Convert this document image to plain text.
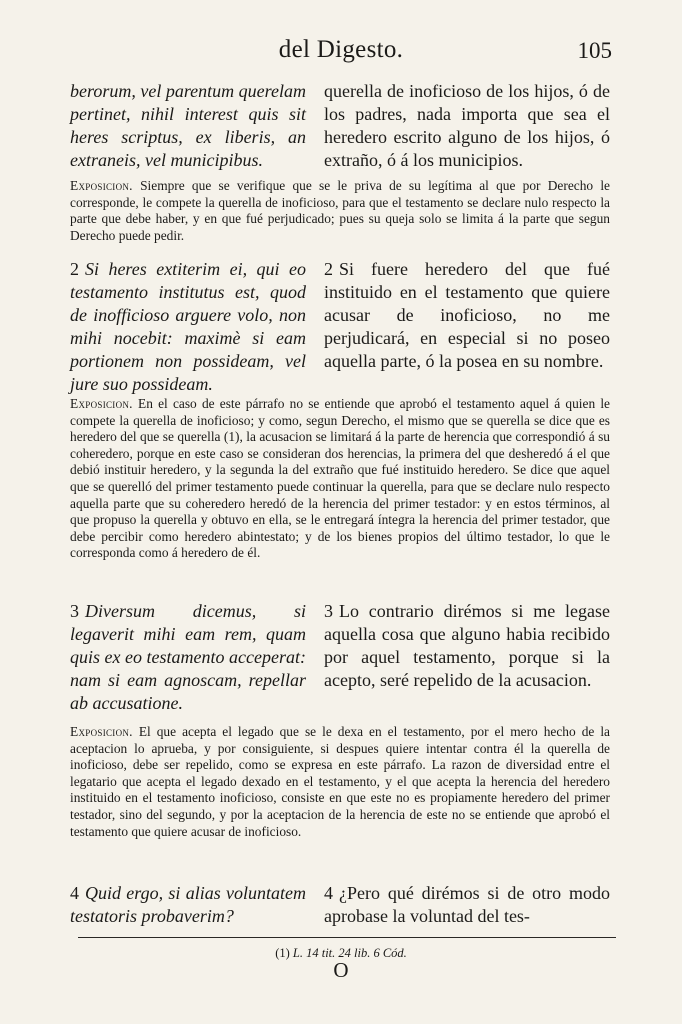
del Digesto.	105
berorum, vel parentum querelam pertinet, nihil interest quis sit heres scriptus, ex liberis, an extraneis, vel municipibus.
querella de inoficioso de los hijos, ó de los padres, nada importa que sea el heredero escrito alguno de los hijos, ó extraño, ó á los municipios.
Exposicion. Siempre que se verifique que se le priva de su legítima al que por Derecho le corresponde, le compete la querella de inoficioso, para que el testamento se declare nulo respecto la parte que debe haber, y en que fué perjudicado; pues su queja solo se limita á la parte que segun Derecho puede pedir.
2 Si heres extiterim ei, qui eo testamento institutus est, quod de inofficioso arguere volo, non mihi nocebit: maximè si eam portionem non possideam, vel jure suo possideam.
2 Si fuere heredero del que fué instituido en el testamento que quiere acusar de inoficioso, no me perjudicará, en especial si no poseo aquella parte, ó la posea en su nombre.
Exposicion. En el caso de este párrafo no se entiende que aprobó el testamento aquel á quien le compete la querella de inoficioso; y como, segun Derecho, el mismo que se querella se dice que es heredero del que se querella (1), la acusacion se limitará á la parte de herencia que correspondió á su coheredero, porque en este caso se consideran dos herencias, la primera del que desheredó á el que debió instituir heredero, y la segunda la del extraño que fué instituido heredero. Se dice que aquel que se querelló del primer testamento puede continuar la querella, para que se declare nulo respecto aquella parte que su coheredero heredó de la herencia del primer testador: y en estos términos, al que propuso la querella y obtuvo en ella, se le entregará íntegra la herencia del primer testador, que debe percibir como heredero abintestato; y de los bienes propios del último testador, lo que le corresponda como á heredero de él.
3 Diversum dicemus, si legaverit mihi eam rem, quam quis ex eo testamento acceperat: nam si eam agnoscam, repellar ab accusatione.
3 Lo contrario dirémos si me legase aquella cosa que alguno habia recibido por aquel testamento, porque si la acepto, seré repelido de la acusacion.
Exposicion. El que acepta el legado que se le dexa en el testamento, por el mero hecho de la aceptacion lo aprueba, y por consiguiente, si despues quiere intentar contra él la querella de inoficioso, debe ser repelido, como se expresa en este párrafo. La razon de diversidad entre el legatario que acepta el legado dexado en el testamento, y el que acepta la herencia del heredero instituido en el testamento inoficioso, consiste en que este no es propiamente heredero del primer testador, sino del segundo, y por la aceptacion de la herencia de este no se entiende que aprobó el testamento que quiere acusar de inoficioso.
4 Quid ergo, si alias voluntatem testatoris probaverim?
4 ¿Pero qué dirémos si de otro modo aprobase la voluntad del tes-
(1) L. 14 tit. 24 lib. 6 Cód.
O
